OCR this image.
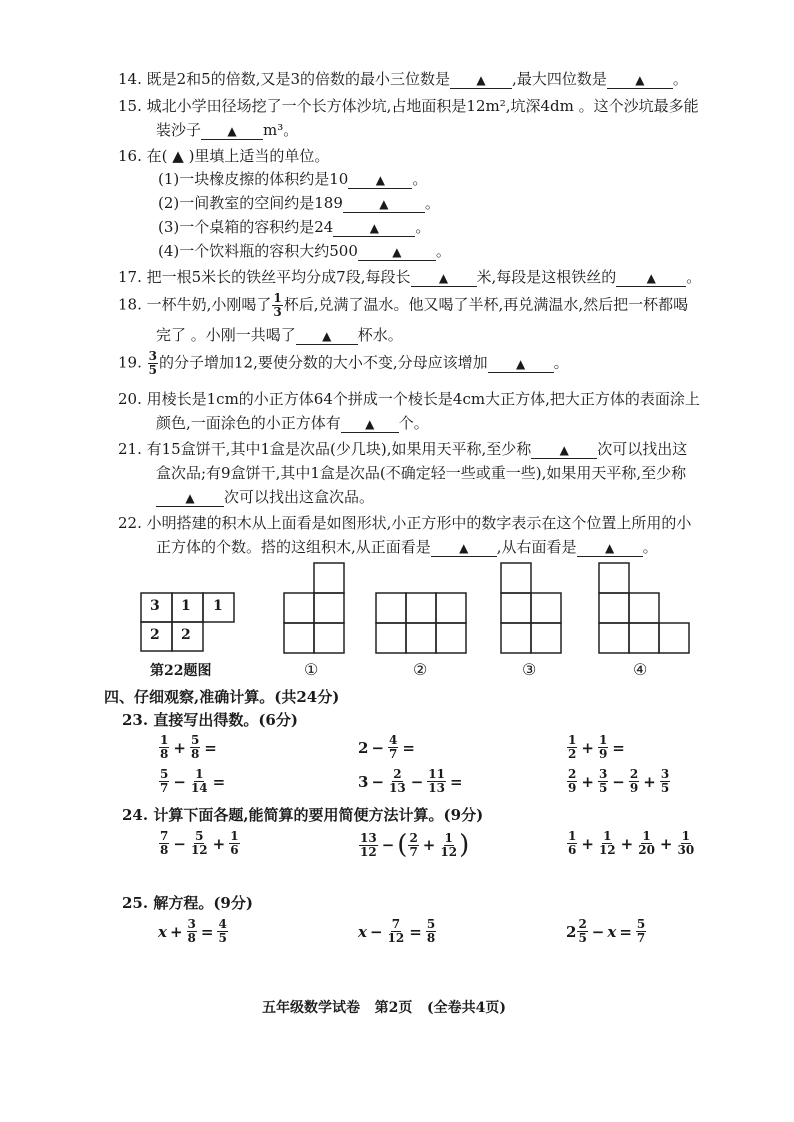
14. 既是2和5的倍数,又是3的倍数的最小三位数是 ▲ ,最大四位数是 ▲ 。
15. 城北小学田径场挖了一个长方体沙坑,占地面积是12m²,坑深4dm 。这个沙坑最多能
装沙子 ▲ m³。
16. 在( ▲ )里填上适当的单位。
(1)一块橡皮擦的体积约是10 ▲ 。
(2)一间教室的空间约是189	▲ 。
(3)一个桌箱的容积约是24	▲ 。
(4)一个饮料瓶的容积大约500	▲ 。
17. 把一根5米长的铁丝平均分成7段,每段长 ▲ 米,每段是这根铁丝的	▲ 。
18. 一杯牛奶,小刚喝了 $\frac{1}{3}$ 杯后,兑满了温水。他又喝了半杯,再兑满温水,然后把一杯都喝
完了 。小刚一共喝了 ▲ 杯水。
19. $\frac{3}{5}$ 的分子增加12,要使分数的大小不变,分母应该增加 ▲ 。
20. 用棱长是1cm的小正方体64个拼成一个棱长是4cm大正方体,把大正方体的表面涂上
颜色,一面涂色的小正方体有 ▲ 个。
21. 有15盒饼干,其中1盒是次品(少几块),如果用天平称,至少称 ▲ 次可以找出这
盒次品;有9盒饼干,其中1盒是次品(不确定轻一些或重一些),如果用天平称,至少称
▲ 次可以找出这盒次品。
22. 小明搭建的积木从上面看是如图形状,小正方形中的数字表示在这个位置上所用的小
正方体的个数。搭的这组积木,从正面看是 ▲ ,从右面看是 ▲ 。
3 1 1
2 2
第22题图	①	②	③	④
四、仔细观察,准确计算。(共24分)
23. 直接写出得数。(6分)
$\frac{1}{8} + \frac{5}{8}$ =	$2 - \frac{4}{7}$ =	$\frac{1}{2} + \frac{1}{9}$ =
$\frac{5}{7} - \frac{1}{14}$ =	$3 - \frac{2}{13} - \frac{11}{13}$ =	$\frac{2}{9} + \frac{3}{5} - \frac{2}{9} + \frac{3}{5}$
24. 计算下面各题,能简算的要用简便方法计算。(9分)
$\frac{7}{8} - \frac{5}{12} + \frac{1}{6}$	$\frac{13}{12}$ − ( $\frac{2}{7} + \frac{1}{12}$ )	$\frac{1}{6} + \frac{1}{12} + \frac{1}{20} + \frac{1}{30}$
25. 解方程。(9分)
$x + \frac{3}{8} = \frac{4}{5}$	$x - \frac{7}{12} = \frac{5}{8}$	$2 \frac{2}{5} - x = \frac{5}{7}$
五年级数学试卷   第2页   (全卷共4页)
